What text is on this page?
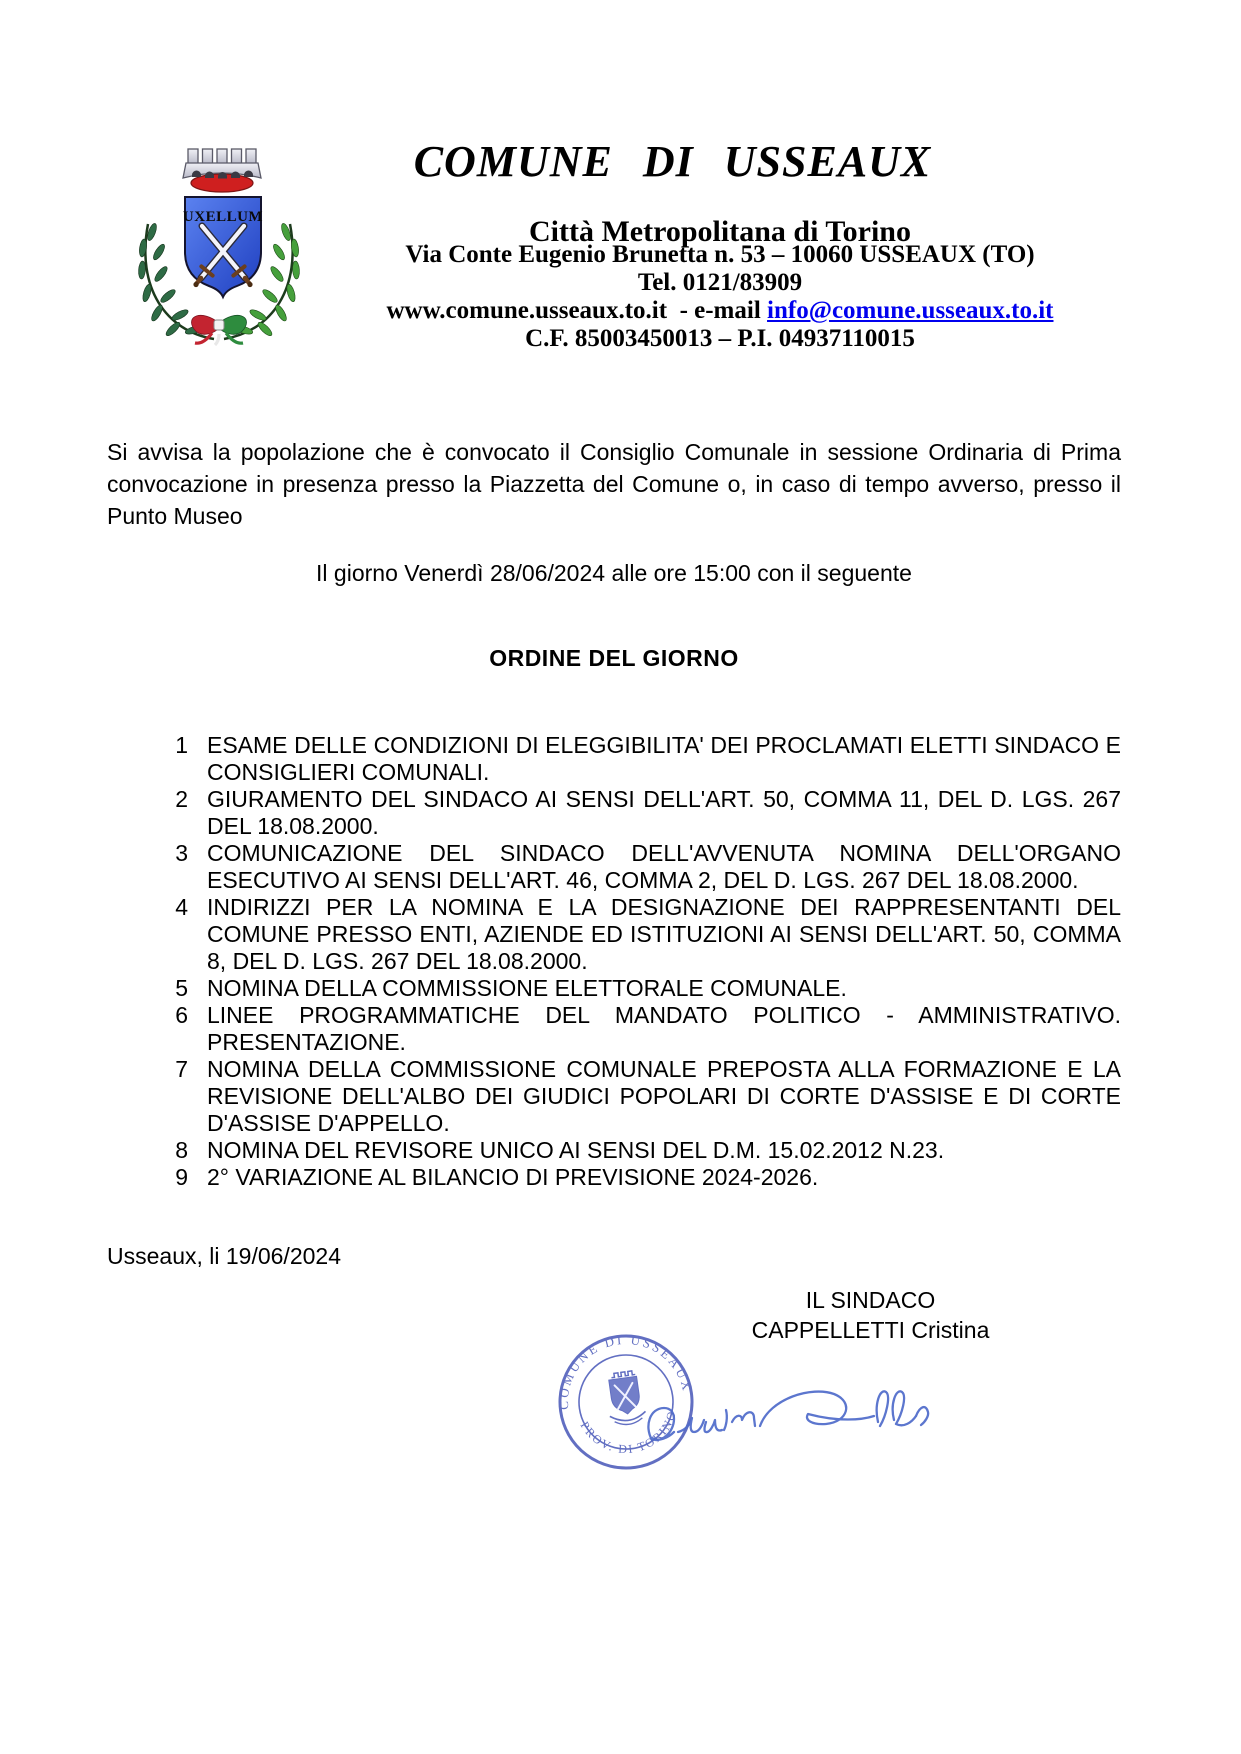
UXELLUM
COMUNE DI USSEAUX
Città Metropolitana di Torino
Via Conte Eugenio Brunetta n. 53 – 10060 USSEAUX (TO)
Tel. 0121/83909
www.comune.usseaux.to.it - e-mail info@comune.usseaux.to.it
C.F. 85003450013 – P.I. 04937110015
Si avvisa la popolazione che è convocato il Consiglio Comunale in sessione Ordinaria di Prima convocazione in presenza presso la Piazzetta del Comune o, in caso di tempo avverso, presso il Punto Museo
Il giorno Venerdì 28/06/2024 alle ore 15:00 con il seguente
ORDINE DEL GIORNO
1 ESAME DELLE CONDIZIONI DI ELEGGIBILITA' DEI PROCLAMATI ELETTI SINDACO E CONSIGLIERI COMUNALI.
2 GIURAMENTO DEL SINDACO AI SENSI DELL'ART. 50, COMMA 11, DEL D. LGS. 267 DEL 18.08.2000.
3 COMUNICAZIONE DEL SINDACO DELL'AVVENUTA NOMINA DELL'ORGANO ESECUTIVO AI SENSI DELL'ART. 46, COMMA 2, DEL D. LGS. 267 DEL 18.08.2000.
4 INDIRIZZI PER LA NOMINA E LA DESIGNAZIONE DEI RAPPRESENTANTI DEL COMUNE PRESSO ENTI, AZIENDE ED ISTITUZIONI AI SENSI DELL'ART. 50, COMMA 8, DEL D. LGS. 267 DEL 18.08.2000.
5 NOMINA DELLA COMMISSIONE ELETTORALE COMUNALE.
6 LINEE PROGRAMMATICHE DEL MANDATO POLITICO - AMMINISTRATIVO. PRESENTAZIONE.
7 NOMINA DELLA COMMISSIONE COMUNALE PREPOSTA ALLA FORMAZIONE E LA REVISIONE DELL'ALBO DEI GIUDICI POPOLARI DI CORTE D'ASSISE E DI CORTE D'ASSISE D'APPELLO.
8 NOMINA DEL REVISORE UNICO AI SENSI DEL D.M. 15.02.2012 N.23.
9 2° VARIAZIONE AL BILANCIO DI PREVISIONE 2024-2026.
Usseaux, li 19/06/2024
IL SINDACO
CAPPELLETTI Cristina
COMUNE DI USSEAUX
· PROV. DI TORINO ·
